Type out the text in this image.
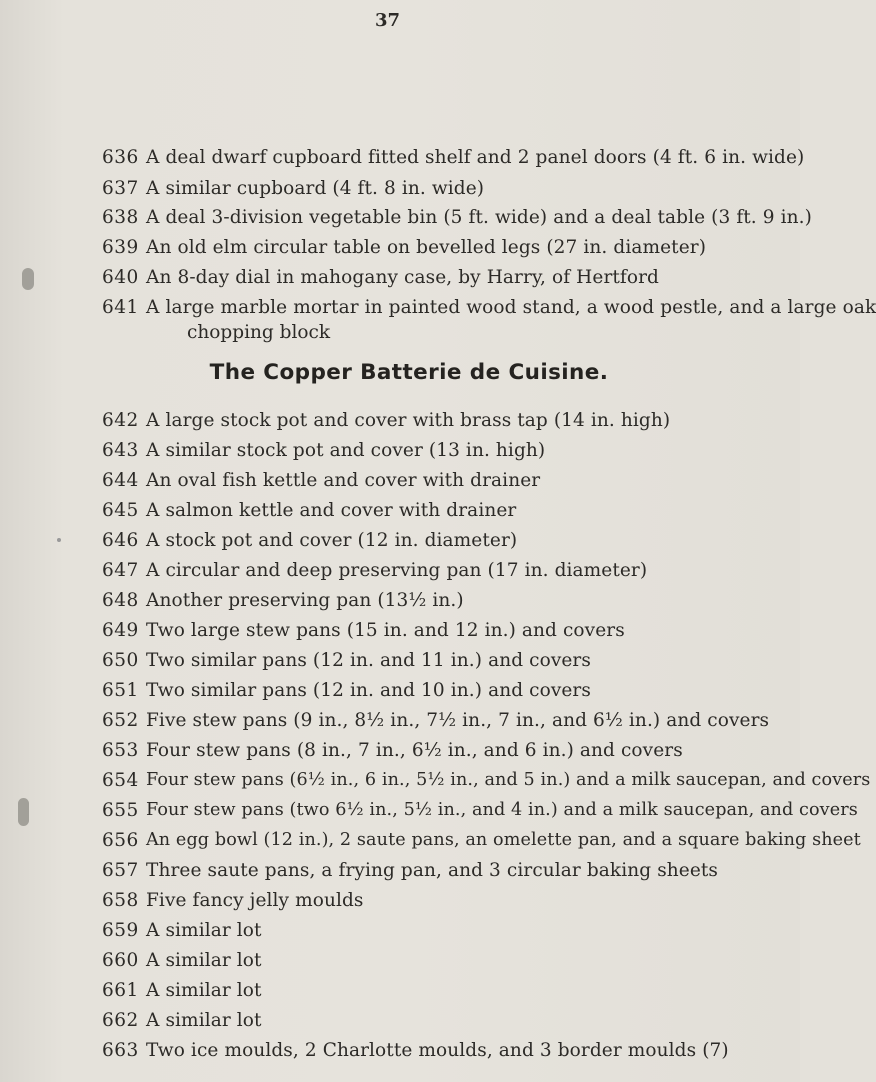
37
636 A deal dwarf cupboard fitted shelf and 2 panel doors (4 ft. 6 in. wide)
637 A similar cupboard (4 ft. 8 in. wide)
638 A deal 3-division vegetable bin (5 ft. wide) and a deal table (3 ft. 9 in.)
639 An old elm circular table on bevelled legs (27 in. diameter)
640 An 8-day dial in mahogany case, by Harry, of Hertford
641 A large marble mortar in painted wood stand, a wood pestle, and a large oak
chopping block
The Copper Batterie de Cuisine.
642 A large stock pot and cover with brass tap (14 in. high)
643 A similar stock pot and cover (13 in. high)
644 An oval fish kettle and cover with drainer
645 A salmon kettle and cover with drainer
646 A stock pot and cover (12 in. diameter)
647 A circular and deep preserving pan (17 in. diameter)
648 Another preserving pan (13½ in.)
649 Two large stew pans (15 in. and 12 in.) and covers
650 Two similar pans (12 in. and 11 in.) and covers
651 Two similar pans (12 in. and 10 in.) and covers
652 Five stew pans (9 in., 8½ in., 7½ in., 7 in., and 6½ in.) and covers
653 Four stew pans (8 in., 7 in., 6½ in., and 6 in.) and covers
654 Four stew pans (6½ in., 6 in., 5½ in., and 5 in.) and a milk saucepan, and covers
655 Four stew pans (two 6½ in., 5½ in., and 4 in.) and a milk saucepan, and covers
656 An egg bowl (12 in.), 2 saute pans, an omelette pan, and a square baking sheet
657 Three saute pans, a frying pan, and 3 circular baking sheets
658 Five fancy jelly moulds
659 A similar lot
660 A similar lot
661 A similar lot
662 A similar lot
663 Two ice moulds, 2 Charlotte moulds, and 3 border moulds (7)
